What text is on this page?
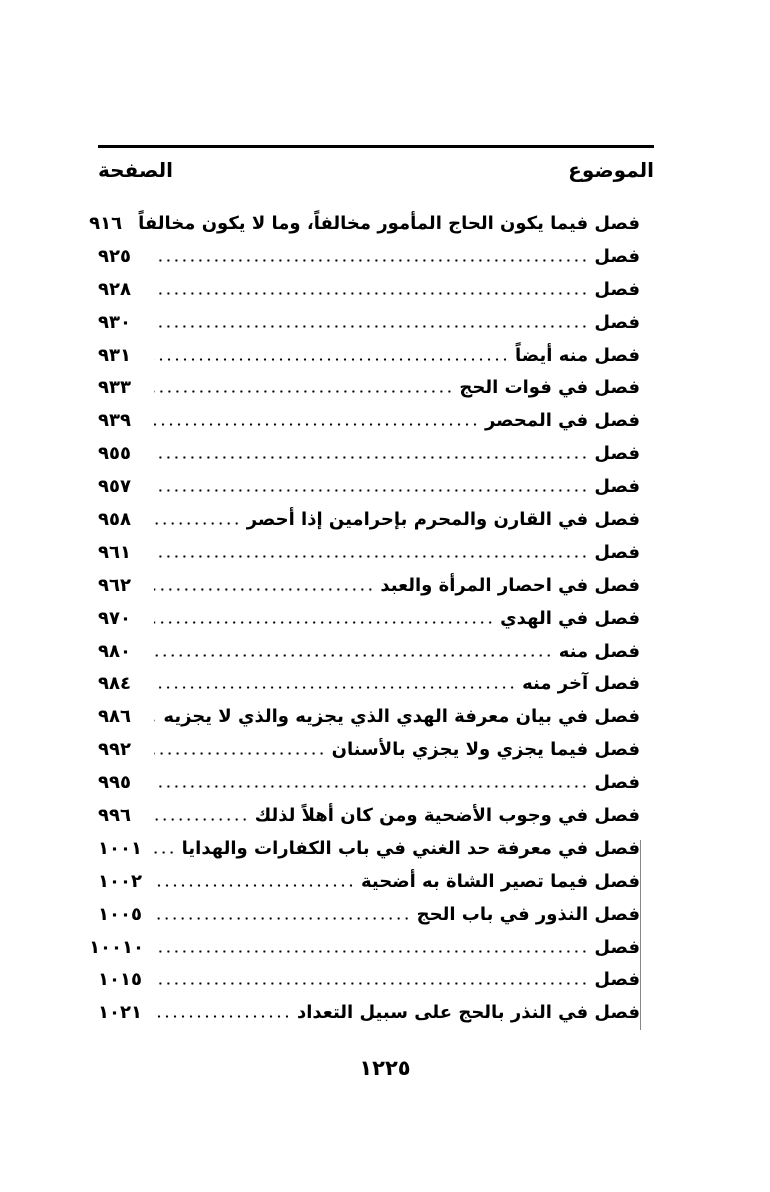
الموضوع
الصفحة
فصل فيما يكون الحاج المأمور مخالفاً، وما لا يكون مخالفاً
٩١٦
فصل
٩٢٥
فصل
٩٢٨
فصل
٩٣٠
فصل منه أيضاً
٩٣١
فصل في فوات الحج
٩٣٣
فصل في المحصر
٩٣٩
فصل
٩٥٥
فصل
٩٥٧
فصل في القارن والمحرم بإحرامين إذا أحصر
٩٥٨
فصل
٩٦١
فصل في احصار المرأة والعبد
٩٦٢
فصل في الهدي
٩٧٠
فصل منه
٩٨٠
فصل آخر منه
٩٨٤
فصل في بيان معرفة الهدي الذي يجزيه والذي لا يجزيه
٩٨٦
فصل فيما يجزي ولا يجزي بالأسنان
٩٩٢
فصل
٩٩٥
فصل في وجوب الأضحية ومن كان أهلاً لذلك
٩٩٦
فصل في معرفة حد الغني في باب الكفارات والهدايا
١٠٠١
فصل فيما تصير الشاة به أضحية
١٠٠٢
فصل النذور في باب الحج
١٠٠٥
فصل
١٠٠١٠
فصل
١٠١٥
فصل في النذر بالحج على سبيل التعداد
١٠٢١
١٢٢٥
